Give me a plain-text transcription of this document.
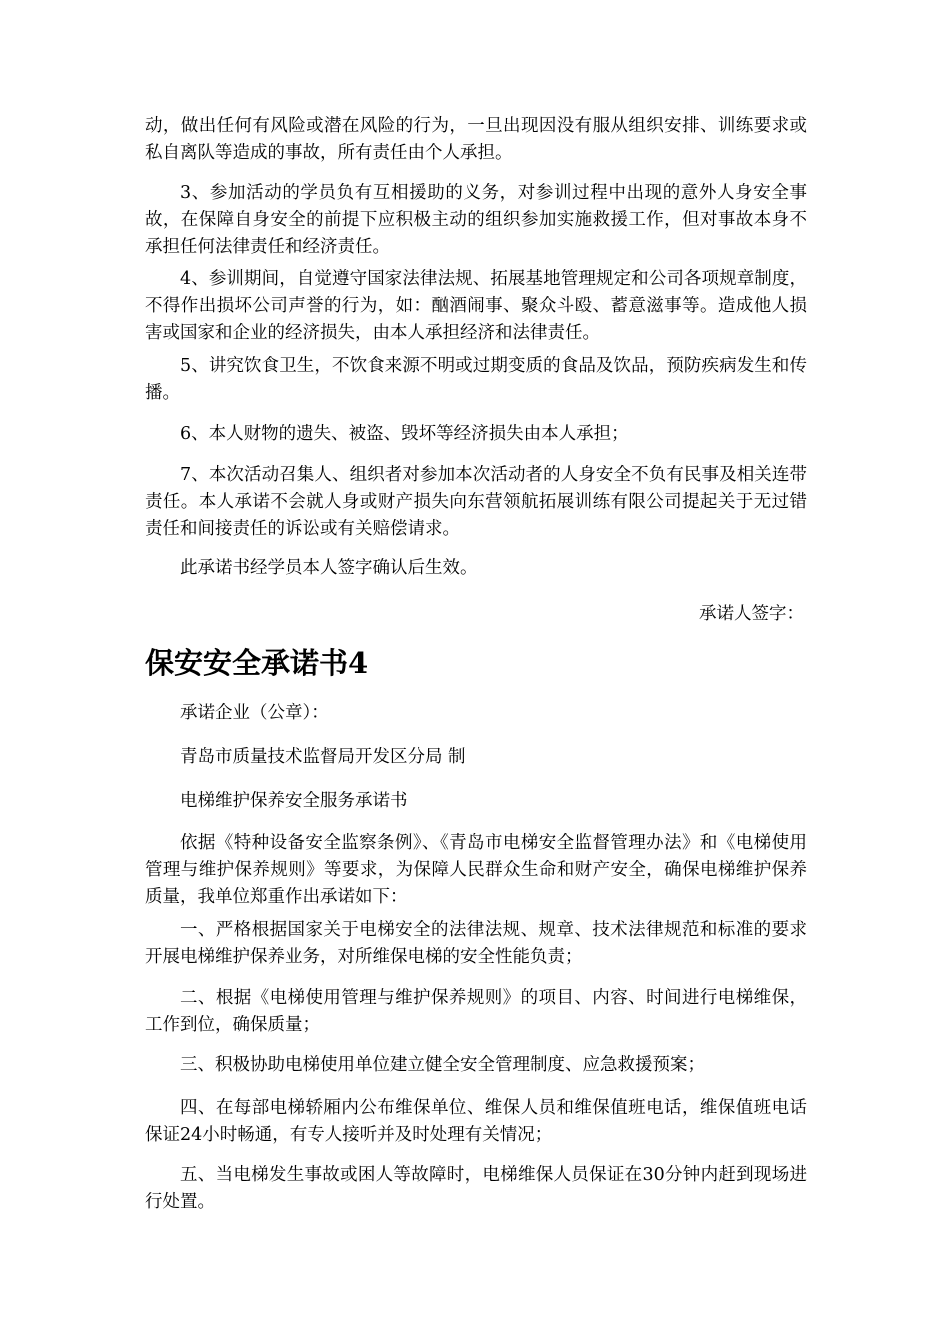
动，做出任何有风险或潜在风险的行为，一旦出现因没有服从组织安排、训练要求或私自离队等造成的事故，所有责任由个人承担。

3、参加活动的学员负有互相援助的义务，对参训过程中出现的意外人身安全事故，在保障自身安全的前提下应积极主动的组织参加实施救援工作，但对事故本身不承担任何法律责任和经济责任。

4、参训期间，自觉遵守国家法律法规、拓展基地管理规定和公司各项规章制度，不得作出损坏公司声誉的行为，如：酗酒闹事、聚众斗殴、蓄意滋事等。造成他人损害或国家和企业的经济损失，由本人承担经济和法律责任。

5、讲究饮食卫生，不饮食来源不明或过期变质的食品及饮品，预防疾病发生和传播。

6、本人财物的遗失、被盗、毁坏等经济损失由本人承担；

7、本次活动召集人、组织者对参加本次活动者的人身安全不负有民事及相关连带责任。本人承诺不会就人身或财产损失向东营领航拓展训练有限公司提起关于无过错责任和间接责任的诉讼或有关赔偿请求。

此承诺书经学员本人签字确认后生效。

承诺人签字：

保安安全承诺书4

承诺企业（公章）：

青岛市质量技术监督局开发区分局 制

电梯维护保养安全服务承诺书

依据《特种设备安全监察条例》、《青岛市电梯安全监督管理办法》和《电梯使用管理与维护保养规则》等要求，为保障人民群众生命和财产安全，确保电梯维护保养质量，我单位郑重作出承诺如下：

一、严格根据国家关于电梯安全的法律法规、规章、技术法律规范和标准的要求开展电梯维护保养业务，对所维保电梯的安全性能负责；

二、根据《电梯使用管理与维护保养规则》的项目、内容、时间进行电梯维保，工作到位，确保质量；

三、积极协助电梯使用单位建立健全安全管理制度、应急救援预案；

四、在每部电梯轿厢内公布维保单位、维保人员和维保值班电话，维保值班电话保证24小时畅通，有专人接听并及时处理有关情况；

五、当电梯发生事故或困人等故障时，电梯维保人员保证在30分钟内赶到现场进行处置。
